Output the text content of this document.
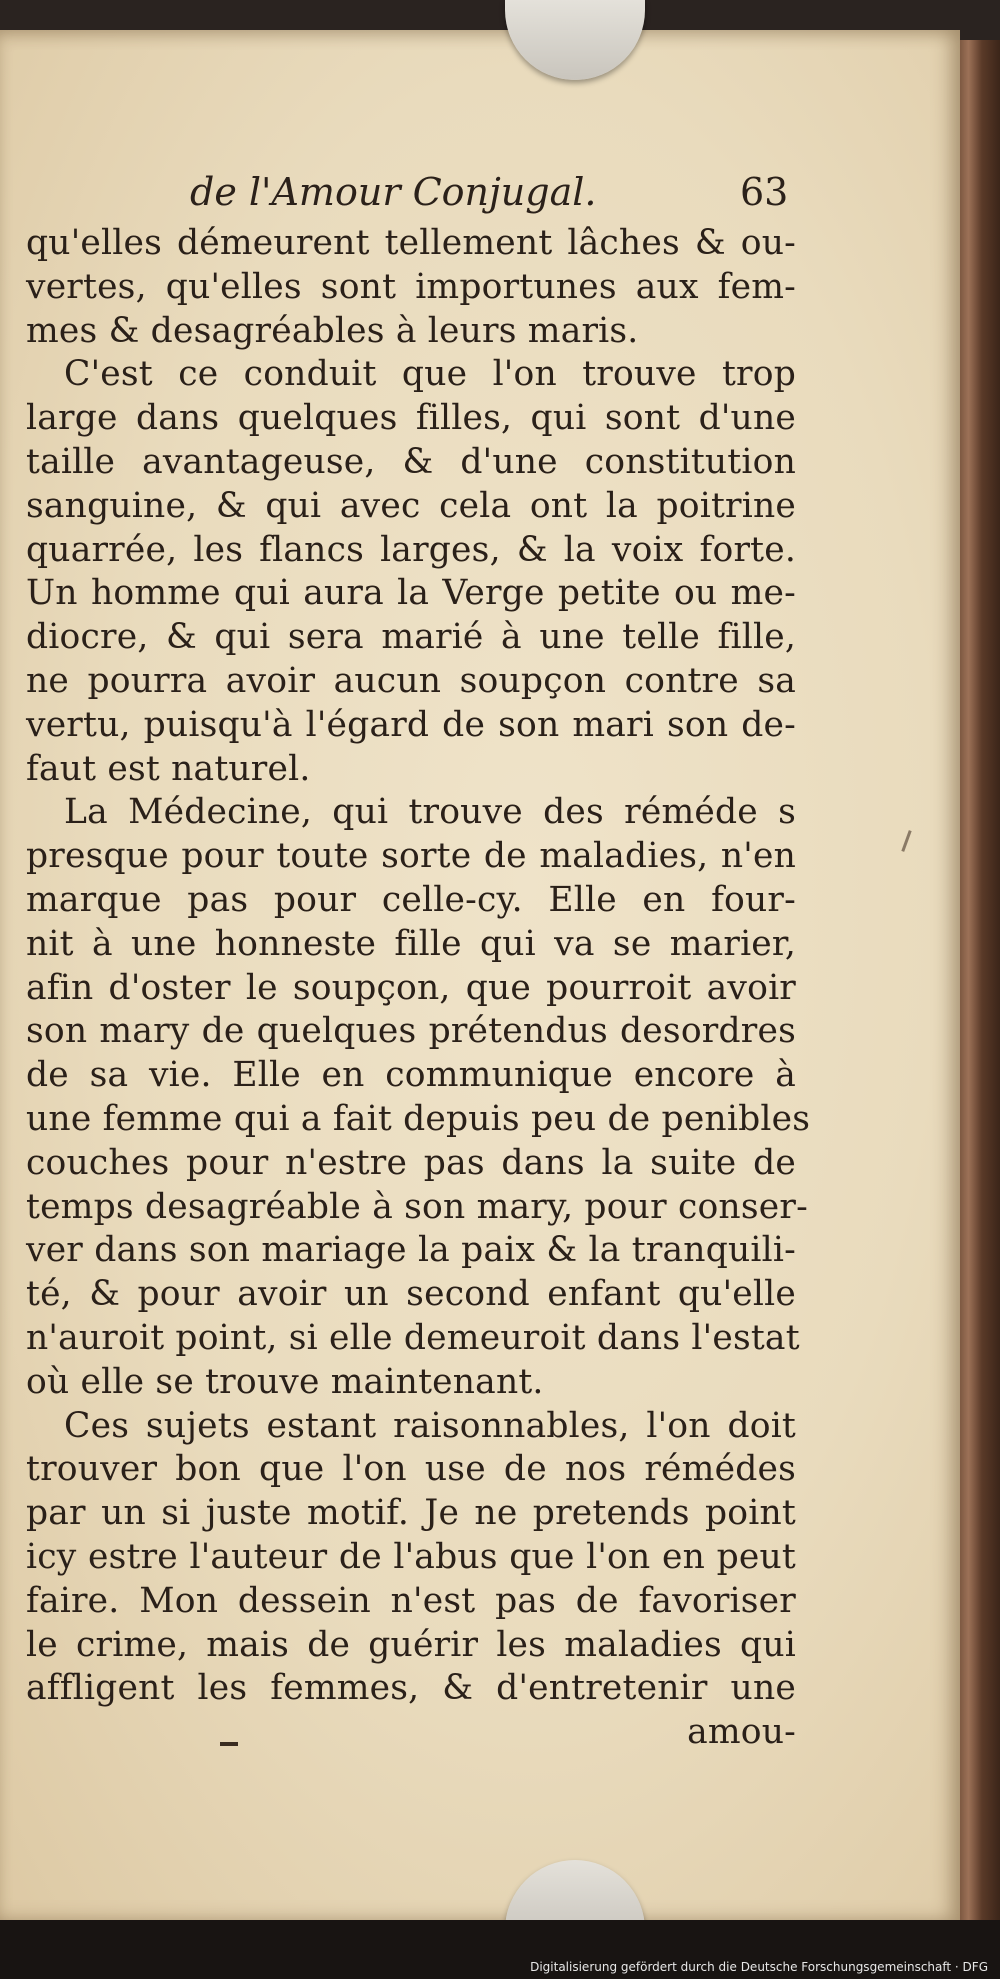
de l'Amour Conjugal.	63
qu'elles démeurent tellement lâches & ou-
vertes, qu'elles sont importunes aux fem-
mes & desagréables à leurs maris.
C'est ce conduit que l'on trouve trop
large dans quelques filles, qui sont d'une
taille avantageuse, & d'une constitution
sanguine, & qui avec cela ont la poitrine
quarrée, les flancs larges, & la voix forte.
Un homme qui aura la Verge petite ou me-
diocre, & qui sera marié à une telle fille,
ne pourra avoir aucun soupçon contre sa
vertu, puisqu'à l'égard de son mari son de-
faut est naturel.
La Médecine, qui trouve des réméde s
presque pour toute sorte de maladies, n'en
marque pas pour celle-cy. Elle en four-
nit à une honneste fille qui va se marier,
afin d'oster le soupçon, que pourroit avoir
son mary de quelques prétendus desordres
de sa vie. Elle en communique encore à
une femme qui a fait depuis peu de penibles
couches pour n'estre pas dans la suite de
temps desagréable à son mary, pour conser-
ver dans son mariage la paix & la tranquili-
té, & pour avoir un second enfant qu'elle
n'auroit point, si elle demeuroit dans l'estat
où elle se trouve maintenant.
Ces sujets estant raisonnables, l'on doit
trouver bon que l'on use de nos rémédes
par un si juste motif. Je ne pretends point
icy estre l'auteur de l'abus que l'on en peut
faire. Mon dessein n'est pas de favoriser
le crime, mais de guérir les maladies qui
affligent les femmes, & d'entretenir une
amou-
Digitalisierung gefördert durch die Deutsche Forschungsgemeinschaft · DFG
